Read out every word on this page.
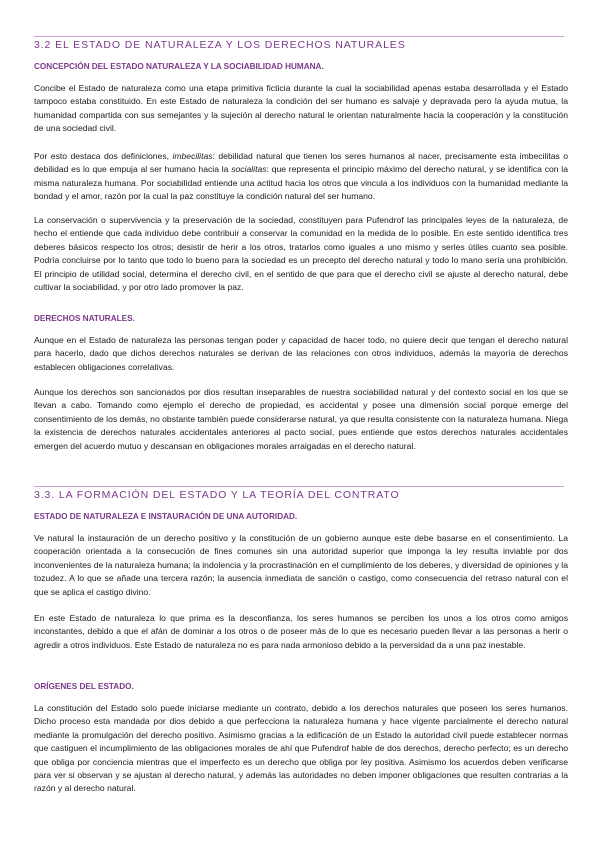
3.2 EL ESTADO DE NATURALEZA Y LOS DERECHOS NATURALES
CONCEPCIÓN DEL ESTADO NATURALEZA Y LA SOCIABILIDAD HUMANA.

Concibe el Estado de naturaleza como una etapa primitiva ficticia durante la cual la sociabilidad apenas estaba desarrollada y el Estado tampoco estaba constituido. En este Estado de naturaleza la condición del ser humano es salvaje y depravada pero la ayuda mutua, la humanidad compartida con sus semejantes y la sujeción al derecho natural le orientan naturalmente hacia la cooperación y la constitución de una sociedad civil.

Por esto destaca dos definiciones, imbecilitas: debilidad natural que tienen los seres humanos al nacer, precisamente esta imbecilitas o debilidad es lo que empuja al ser humano hacia la socialitas: que representa el principio máximo del derecho natural, y se identifica con la misma naturaleza humana. Por sociabilidad entiende una actitud hacia los otros que vincula a los individuos con la humanidad mediante la bondad y el amor, razón por la cual la paz constituye la condición natural del ser humano.

La conservación o supervivencia y la preservación de la sociedad, constituyen para Pufendrof las principales leyes de la naturaleza, de hecho el entiende que cada individuo debe contribuir a conservar la comunidad en la medida de lo posible. En este sentido identifica tres deberes básicos respecto los otros; desistir de herir a los otros, tratarlos como iguales a uno mismo y serles útiles cuanto sea posible. Podría concluirse por lo tanto que todo lo bueno para la sociedad es un precepto del derecho natural y todo lo mano sería una prohibición. El principio de utilidad social, determina el derecho civil, en el sentido de que para que el derecho civil se ajuste al derecho natural, debe cultivar la sociabilidad, y por otro lado promover la paz.

DERECHOS NATURALES.

Aunque en el Estado de naturaleza las personas tengan poder y capacidad de hacer todo, no quiere decir que tengan el derecho natural para hacerlo, dado que dichos derechos naturales se derivan de las relaciones con otros individuos, además la mayoría de derechos establecen obligaciones correlativas.

Aunque los derechos son sancionados por dios resultan inseparables de nuestra sociabilidad natural y del contexto social en los que se llevan a cabo. Tomando como ejemplo el derecho de propiedad, es accidental y posee una dimensión social porque emerge del consentimiento de los demás, no obstante también puede considerarse natural, ya que resulta consistente con la naturaleza humana. Niega la existencia de derechos naturales accidentales anteriores al pacto social, pues entiende que estos derechos naturales accidentales emergen del acuerdo mutuo y descansan en obligaciones morales arraigadas en el derecho natural.

3.3. LA FORMACIÓN DEL ESTADO Y LA TEORÍA DEL CONTRATO
ESTADO DE NATURALEZA E INSTAURACIÓN DE UNA AUTORIDAD.

Ve natural la instauración de un derecho positivo y la constitución de un gobierno aunque este debe basarse en el consentimiento. La cooperación orientada a la consecución de fines comunes sin una autoridad superior que imponga la ley resulta inviable por dos inconvenientes de la naturaleza humana; la indolencia y la procrastinación en el cumplimiento de los deberes, y diversidad de opiniones y la tozudez. A lo que se añade una tercera razón; la ausencia inmediata de sanción o castigo, como consecuencia del retraso natural con el que se aplica el castigo divino.

En este Estado de naturaleza lo que prima es la desconfianza, los seres humanos se perciben los unos a los otros como amigos inconstantes, debido a que el afán de dominar a los otros o de poseer más de lo que es necesario pueden llevar a las personas a herir o agredir a otros individuos. Este Estado de naturaleza no es para nada armonioso debido a la perversidad da a una paz inestable.

ORÍGENES DEL ESTADO.

La constitución del Estado solo puede iniciarse mediante un contrato, debido a los derechos naturales que poseen los seres humanos. Dicho proceso esta mandada por dios debido a que perfecciona la naturaleza humana y hace vigente parcialmente el derecho natural mediante la promulgación del derecho positivo. Asimismo gracias a la edificación de un Estado la autoridad civil puede establecer normas que castiguen el incumplimiento de las obligaciones morales de ahí que Pufendrof hable de dos derechos, derecho perfecto; es un derecho que obliga por conciencia mientras que el imperfecto es un derecho que obliga por ley positiva. Asimismo los acuerdos deben verificarse para ver si observan y se ajustan al derecho natural, y además las autoridades no deben imponer obligaciones que resulten contrarias a la razón y al derecho natural.
